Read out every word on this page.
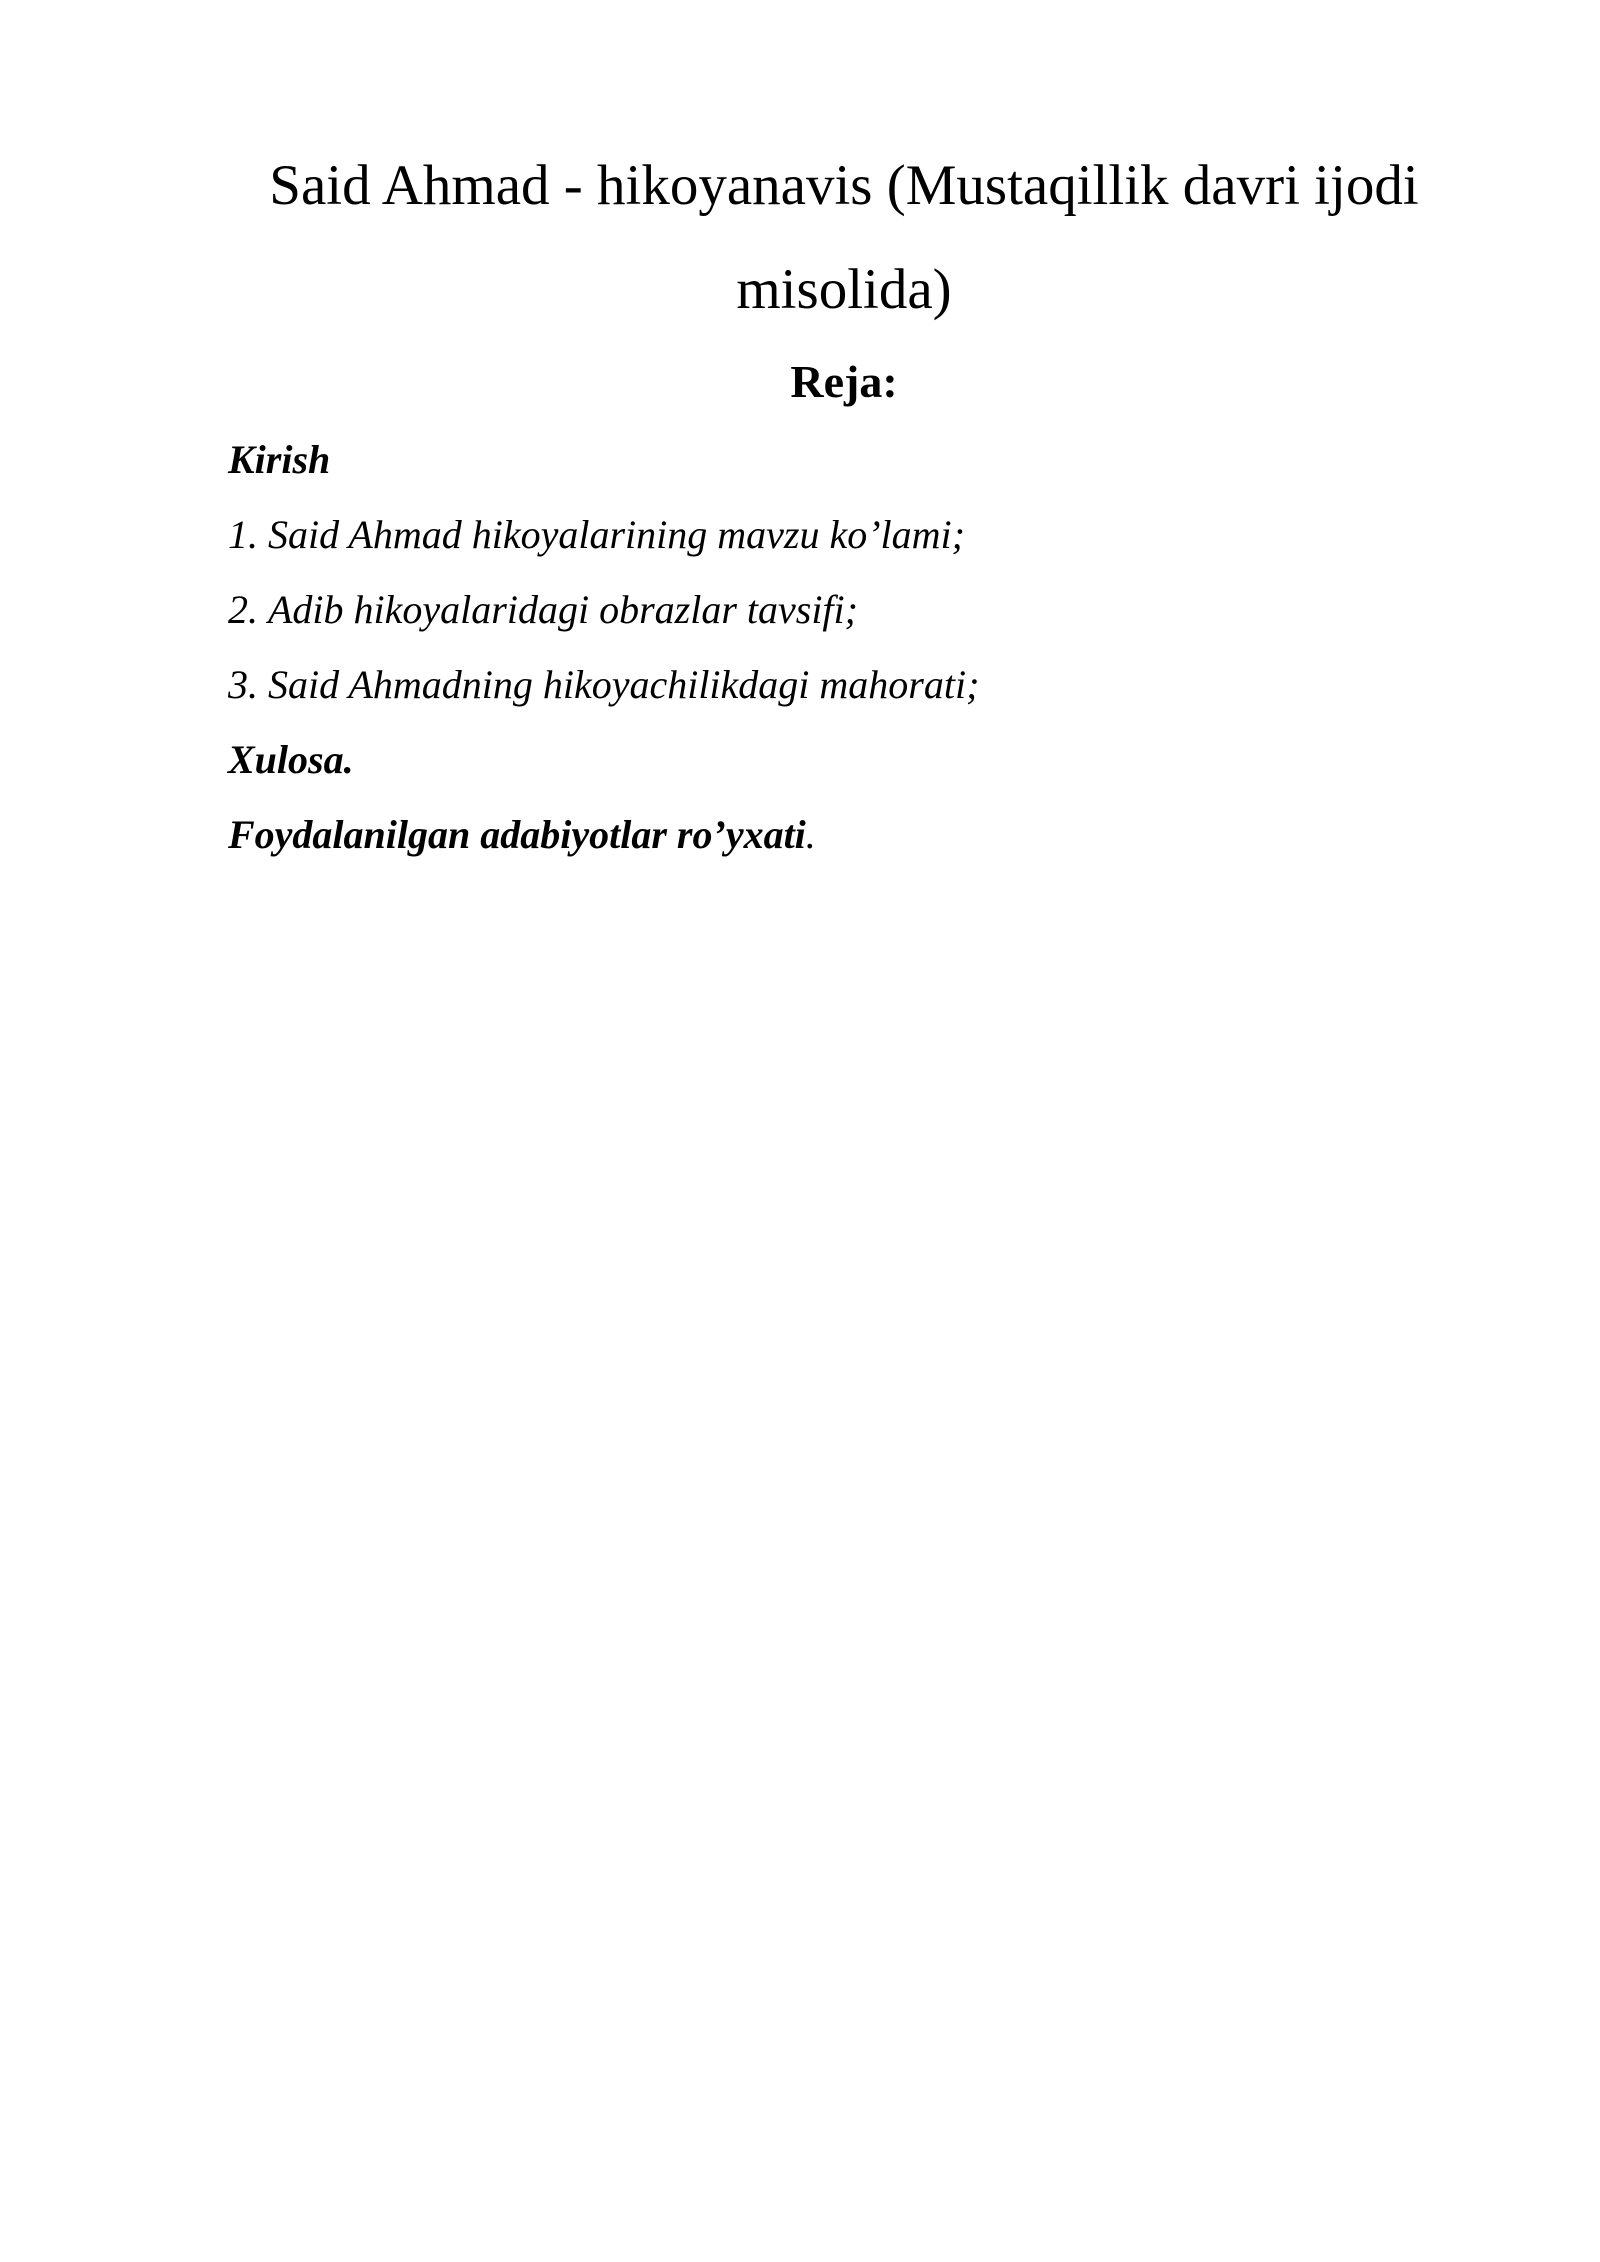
Said Ahmad - hikoyanavis (Mustaqillik davri ijodi
misolida)
Reja:
Kirish
1. Said Ahmad hikoyalarining mavzu ko’lami;
2. Adib hikoyalaridagi obrazlar tavsifi;
3. Said Ahmadning hikoyachilikdagi mahorati;
Xulosa.
Foydalanilgan adabiyotlar ro’yxati.
